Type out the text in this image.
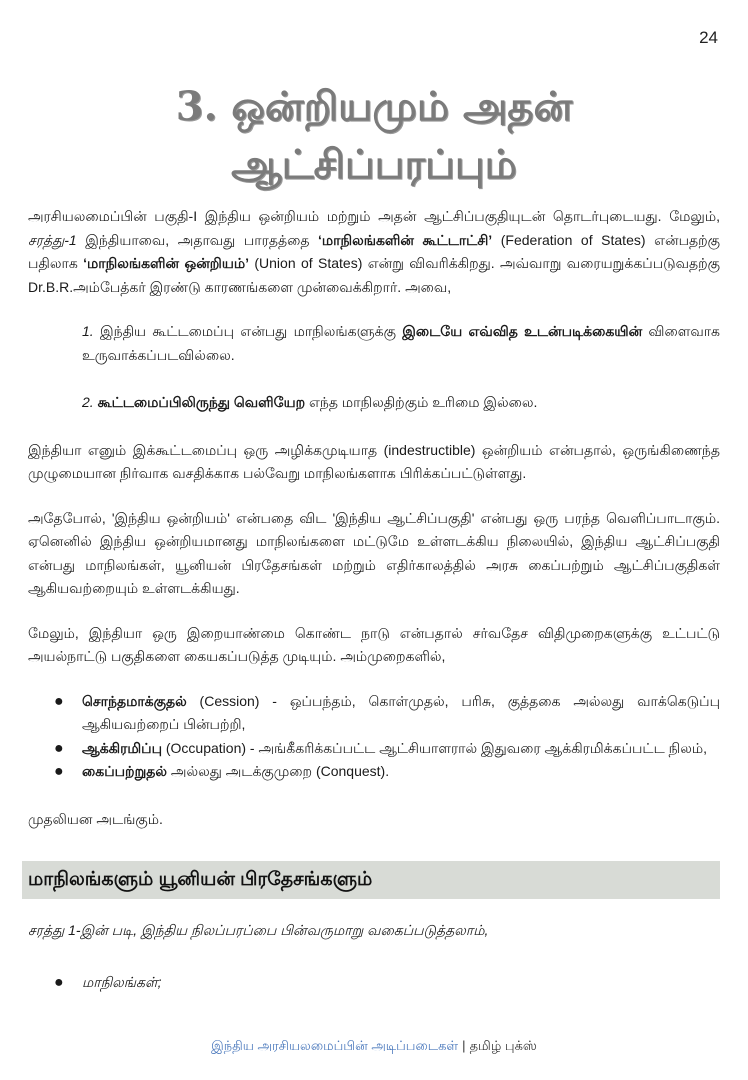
24
3. ஒன்றியமும் அதன்
ஆட்சிப்பரப்பும்

அரசியலமைப்பின் பகுதி-I இந்திய ஒன்றியம் மற்றும் அதன் ஆட்சிப்பகுதியுடன் தொடர்புடையது. மேலும், சரத்து-1 இந்தியாவை, அதாவது பாரதத்தை ‘மாநிலங்களின் கூட்டாட்சி’ (Federation of States) என்பதற்கு பதிலாக ‘மாநிலங்களின் ஒன்றியம்’ (Union of States) என்று விவரிக்கிறது. அவ்வாறு வரையறுக்கப்படுவதற்கு Dr.B.R.அம்பேத்கர் இரண்டு காரணங்களை முன்வைக்கிறார். அவை,

1. இந்திய கூட்டமைப்பு என்பது மாநிலங்களுக்கு இடையே எவ்வித உடன்படிக்கையின் விளைவாக உருவாக்கப்படவில்லை.

2. கூட்டமைப்பிலிருந்து வெளியேற எந்த மாநிலதிற்கும் உரிமை இல்லை.

இந்தியா எனும் இக்கூட்டமைப்பு ஒரு அழிக்கமுடியாத (indestructible) ஒன்றியம் என்பதால், ஒருங்கிணைந்த முழுமையான நிர்வாக வசதிக்காக பல்வேறு மாநிலங்களாக பிரிக்கப்பட்டுள்ளது.

அதேபோல், 'இந்திய ஒன்றியம்' என்பதை விட 'இந்திய ஆட்சிப்பகுதி' என்பது ஒரு பரந்த வெளிப்பாடாகும். ஏனெனில் இந்திய ஒன்றியமானது மாநிலங்களை மட்டுமே உள்ளடக்கிய நிலையில், இந்திய ஆட்சிப்பகுதி என்பது மாநிலங்கள், யூனியன் பிரதேசங்கள் மற்றும் எதிர்காலத்தில் அரசு கைப்பற்றும் ஆட்சிப்பகுதிகள் ஆகியவற்றையும் உள்ளடக்கியது.

மேலும், இந்தியா ஒரு இறையாண்மை கொண்ட நாடு என்பதால் சர்வதேச விதிமுறைகளுக்கு உட்பட்டு அயல்நாட்டு பகுதிகளை கையகப்படுத்த முடியும். அம்முறைகளில்,

● சொந்தமாக்குதல் (Cession) - ஒப்பந்தம், கொள்முதல், பரிசு, குத்தகை அல்லது வாக்கெடுப்பு ஆகியவற்றைப் பின்பற்றி,
● ஆக்கிரமிப்பு (Occupation) - அங்கீகரிக்கப்பட்ட ஆட்சியாளரால் இதுவரை ஆக்கிரமிக்கப்பட்ட நிலம்,
● கைப்பற்றுதல் அல்லது அடக்குமுறை (Conquest).

முதலியன அடங்கும்.

மாநிலங்களும் யூனியன் பிரதேசங்களும்

சரத்து 1-இன் படி, இந்திய நிலப்பரப்பை பின்வருமாறு வகைப்படுத்தலாம்,

● மாநிலங்கள்;
இந்திய அரசியலமைப்பின் அடிப்படைகள் | தமிழ் புக்ஸ்
